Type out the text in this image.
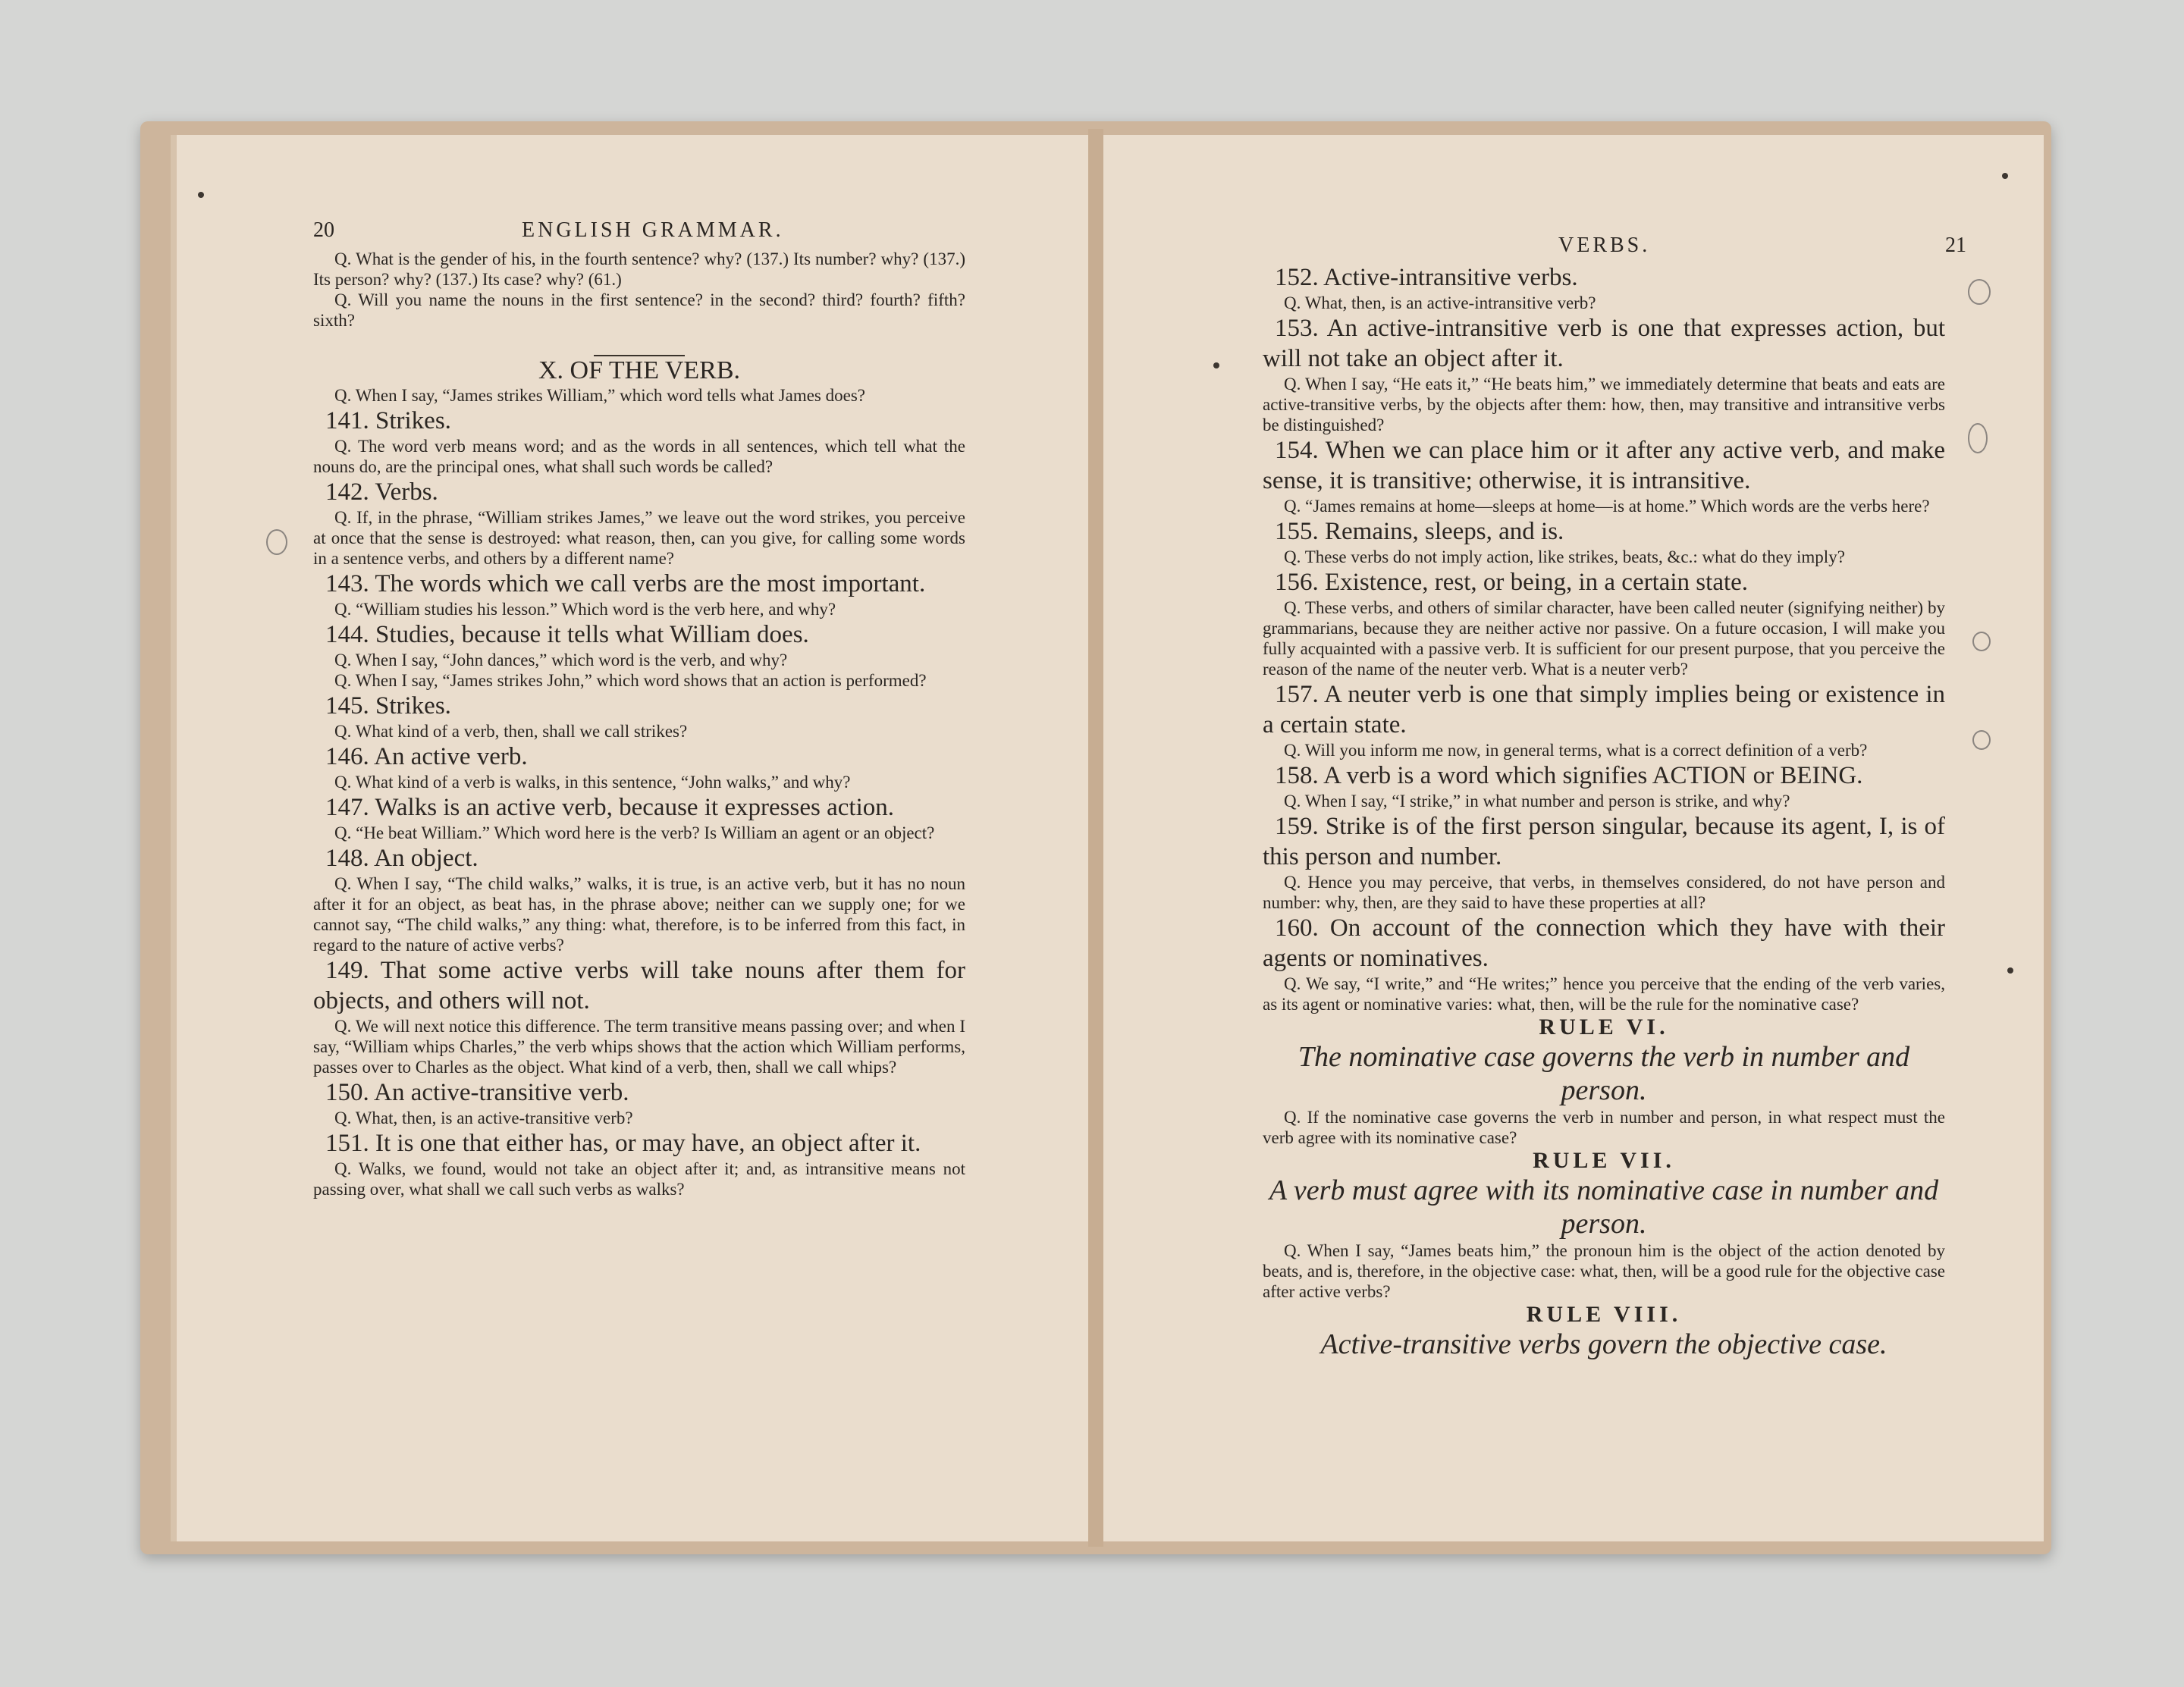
20	ENGLISH GRAMMAR.

Q. What is the gender of his, in the fourth sentence? why? (137.) Its number? why? (137.) Its person? why? (137.) Its case? why? (61.)

Q. Will you name the nouns in the first sentence? in the second? third? fourth? fifth? sixth?

X. OF THE VERB.

Q. When I say, “James strikes William,” which word tells what James does?

141. Strikes.

Q. The word verb means word; and as the words in all sentences, which tell what the nouns do, are the principal ones, what shall such words be called?

142. Verbs.

Q. If, in the phrase, “William strikes James,” we leave out the word strikes, you perceive at once that the sense is destroyed: what reason, then, can you give, for calling some words in a sentence verbs, and others by a different name?

143. The words which we call verbs are the most important.

Q. “William studies his lesson.” Which word is the verb here, and why?

144. Studies, because it tells what William does.

Q. When I say, “John dances,” which word is the verb, and why?

Q. When I say, “James strikes John,” which word shows that an action is performed?

145. Strikes.

Q. What kind of a verb, then, shall we call strikes?

146. An active verb.

Q. What kind of a verb is walks, in this sentence, “John walks,” and why?

147. Walks is an active verb, because it expresses action.

Q. “He beat William.” Which word here is the verb? Is William an agent or an object?

148. An object.

Q. When I say, “The child walks,” walks, it is true, is an active verb, but it has no noun after it for an object, as beat has, in the phrase above; neither can we supply one; for we cannot say, “The child walks,” any thing: what, therefore, is to be inferred from this fact, in regard to the nature of active verbs?

149. That some active verbs will take nouns after them for objects, and others will not.

Q. We will next notice this difference. The term transitive means passing over; and when I say, “William whips Charles,” the verb whips shows that the action which William performs, passes over to Charles as the object. What kind of a verb, then, shall we call whips?

150. An active-transitive verb.

Q. What, then, is an active-transitive verb?

151. It is one that either has, or may have, an object after it.

Q. Walks, we found, would not take an object after it; and, as intransitive means not passing over, what shall we call such verbs as walks?

VERBS.	21

152. Active-intransitive verbs.

Q. What, then, is an active-intransitive verb?

153. An active-intransitive verb is one that expresses action, but will not take an object after it.

Q. When I say, “He eats it,” “He beats him,” we immediately determine that beats and eats are active-transitive verbs, by the objects after them: how, then, may transitive and intransitive verbs be distinguished?

154. When we can place him or it after any active verb, and make sense, it is transitive; otherwise, it is intransitive.

Q. “James remains at home—sleeps at home—is at home.” Which words are the verbs here?

155. Remains, sleeps, and is.

Q. These verbs do not imply action, like strikes, beats, &c.: what do they imply?

156. Existence, rest, or being, in a certain state.

Q. These verbs, and others of similar character, have been called neuter (signifying neither) by grammarians, because they are neither active nor passive. On a future occasion, I will make you fully acquainted with a passive verb. It is sufficient for our present purpose, that you perceive the reason of the name of the neuter verb. What is a neuter verb?

157. A neuter verb is one that simply implies being or existence in a certain state.

Q. Will you inform me now, in general terms, what is a correct definition of a verb?

158. A verb is a word which signifies ACTION or BEING.

Q. When I say, “I strike,” in what number and person is strike, and why?

159. Strike is of the first person singular, because its agent, I, is of this person and number.

Q. Hence you may perceive, that verbs, in themselves considered, do not have person and number: why, then, are they said to have these properties at all?

160. On account of the connection which they have with their agents or nominatives.

Q. We say, “I write,” and “He writes;” hence you perceive that the ending of the verb varies, as its agent or nominative varies: what, then, will be the rule for the nominative case?

RULE VI.

The nominative case governs the verb in number and person.

Q. If the nominative case governs the verb in number and person, in what respect must the verb agree with its nominative case?

RULE VII.

A verb must agree with its nominative case in number and person.

Q. When I say, “James beats him,” the pronoun him is the object of the action denoted by beats, and is, therefore, in the objective case: what, then, will be a good rule for the objective case after active verbs?

RULE VIII.

Active-transitive verbs govern the objective case.
